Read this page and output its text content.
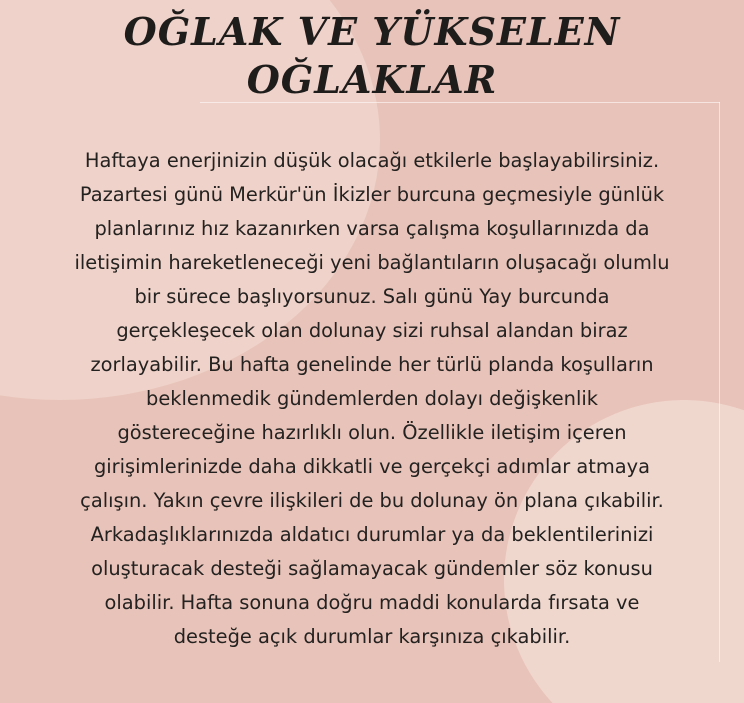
OĞLAK VE YÜKSELEN
OĞLAKLAR
Haftaya enerjinizin düşük olacağı etkilerle başlayabilirsiniz.
Pazartesi günü Merkür'ün İkizler burcuna geçmesiyle günlük
planlarınız hız kazanırken varsa çalışma koşullarınızda da
iletişimin hareketleneceği yeni bağlantıların oluşacağı olumlu
bir sürece başlıyorsunuz. Salı günü Yay burcunda
gerçekleşecek olan dolunay sizi ruhsal alandan biraz
zorlayabilir. Bu hafta genelinde her türlü planda koşulların
beklenmedik gündemlerden dolayı değişkenlik
göstereceğine hazırlıklı olun. Özellikle iletişim içeren
girişimlerinizde daha dikkatli ve gerçekçi adımlar atmaya
çalışın. Yakın çevre ilişkileri de bu dolunay ön plana çıkabilir.
Arkadaşlıklarınızda aldatıcı durumlar ya da beklentilerinizi
oluşturacak desteği sağlamayacak gündemler söz konusu
olabilir. Hafta sonuna doğru maddi konularda fırsata ve
desteğe açık durumlar karşınıza çıkabilir.
